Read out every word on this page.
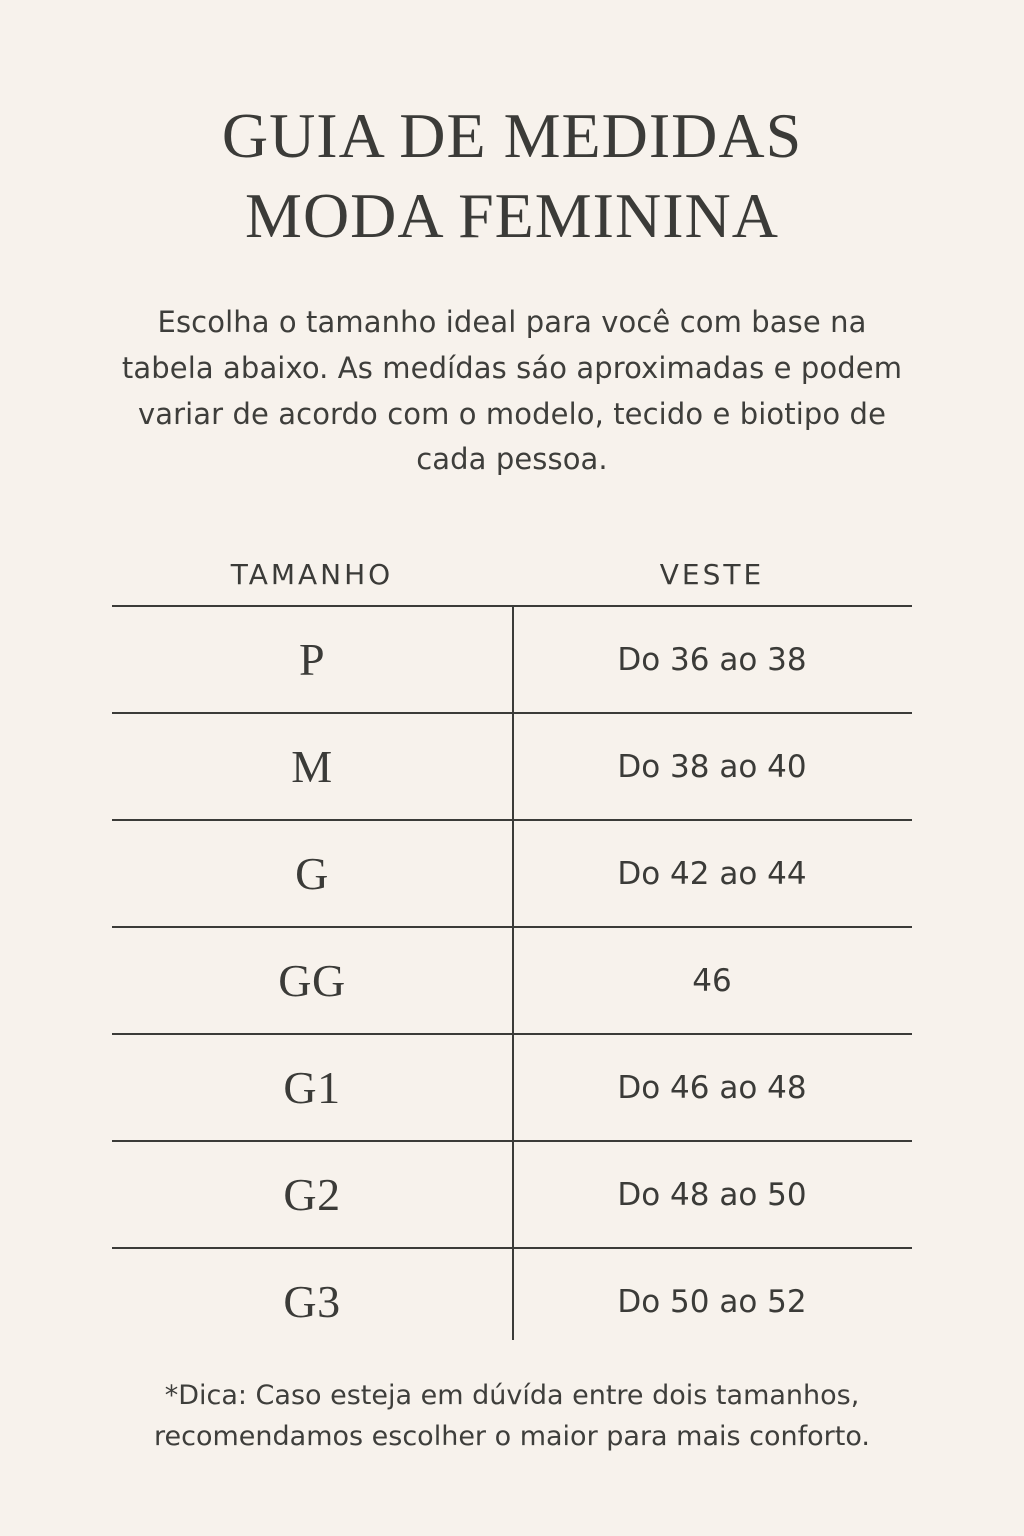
GUIA DE MEDIDAS
MODA FEMININA

Escolha o tamanho ideal para você com base na tabela abaixo. As medídas sáo aproximadas e podem variar de acordo com o modelo, tecido e biotipo de cada pessoa.

TAMANHO	VESTE
P	Do 36 ao 38
M	Do 38 ao 40
G	Do 42 ao 44
GG	46
G1	Do 46 ao 48
G2	Do 48 ao 50
G3	Do 50 ao 52

*Dica: Caso esteja em dúvída entre dois tamanhos, recomendamos escolher o maior para mais conforto.
